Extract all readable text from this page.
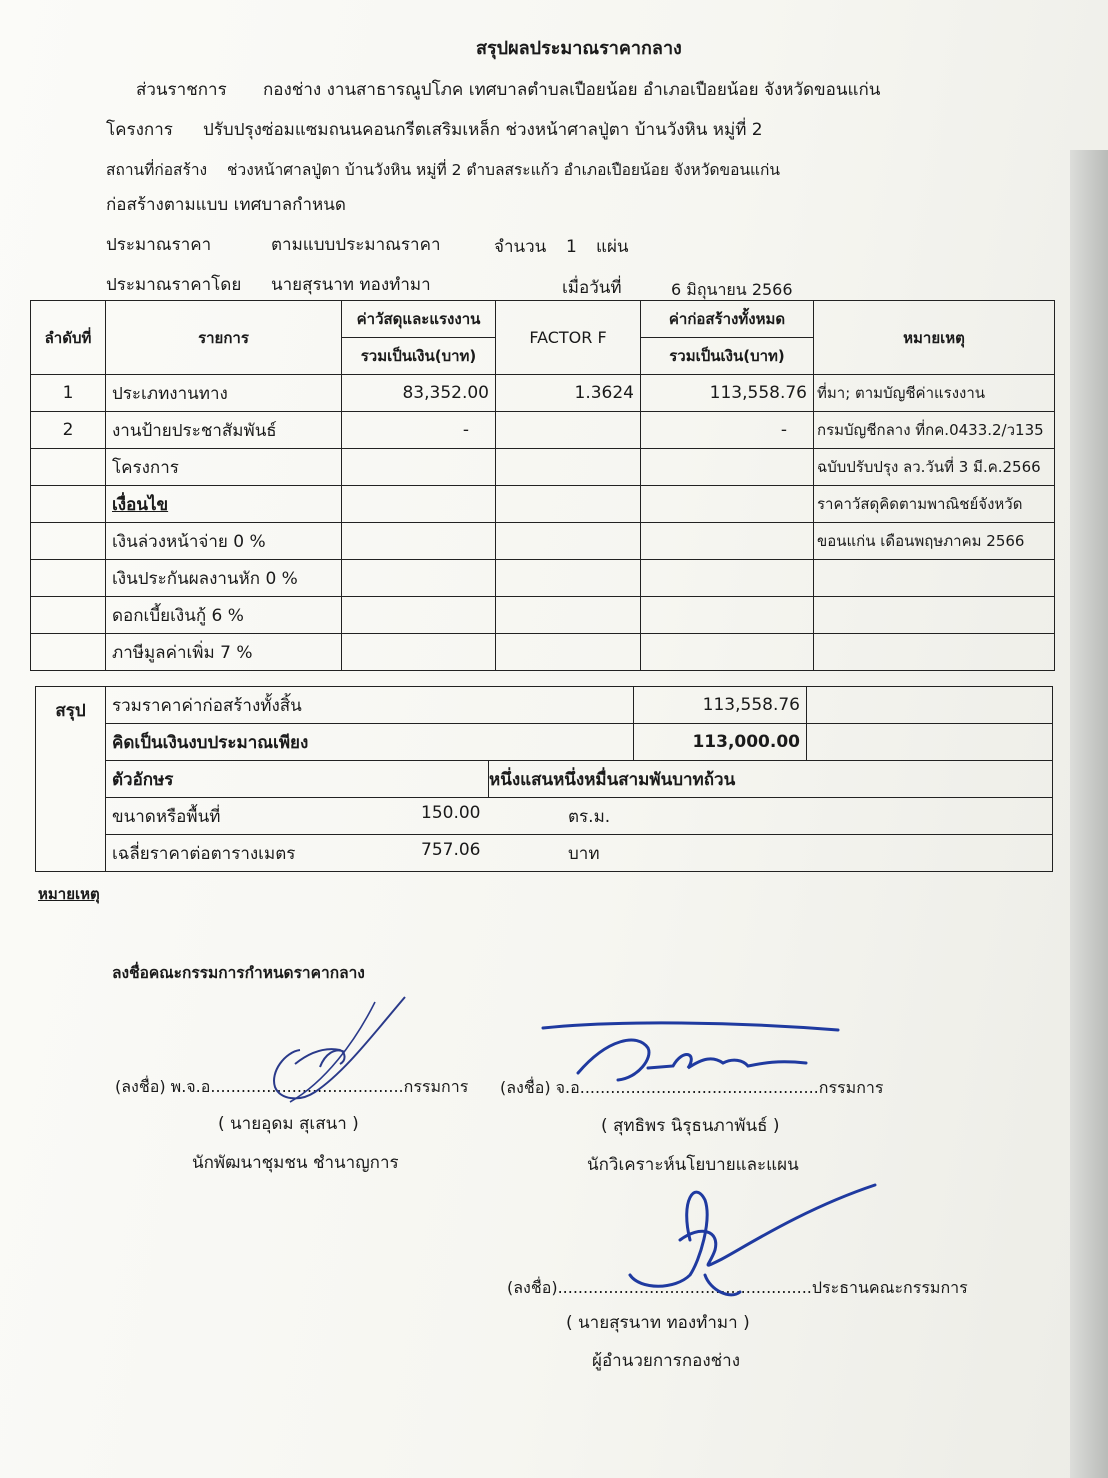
สรุปผลประมาณราคากลาง
ส่วนราชการ กองช่าง งานสาธารณูปโภค เทศบาลตำบลเปือยน้อย อำเภอเปือยน้อย จังหวัดขอนแก่น
โครงการ ปรับปรุงซ่อมแซมถนนคอนกรีตเสริมเหล็ก ช่วงหน้าศาลปู่ตา บ้านวังหิน หมู่ที่ 2
สถานที่ก่อสร้าง ช่วงหน้าศาลปู่ตา บ้านวังหิน หมู่ที่ 2 ตำบลสระแก้ว อำเภอเปือยน้อย จังหวัดขอนแก่น
ก่อสร้างตามแบบ เทศบาลกำหนด
ประมาณราคา	ตามแบบประมาณราคา	จำนวน 1 แผ่น
ประมาณราคาโดย นายสุรนาท ทองทำมา	เมื่อวันที่	6 มิถุนายน 2566
ลำดับที่	รายการ	ค่าวัสดุและแรงงาน	FACTOR F	ค่าก่อสร้างทั้งหมด	หมายเหตุ
		รวมเป็นเงิน(บาท)		รวมเป็นเงิน(บาท)	
1	ประเภทงานทาง	83,352.00	1.3624	113,558.76	ที่มา; ตามบัญชีค่าแรงงาน
2	งานป้ายประชาสัมพันธ์	-		-	กรมบัญชีกลาง ที่กค.0433.2/ว135
	โครงการ				ฉบับปรับปรุง ลว.วันที่ 3 มี.ค.2566
	เงื่อนไข				ราคาวัสดุคิดตามพาณิชย์จังหวัด
	เงินล่วงหน้าจ่าย 0 %				ขอนแก่น เดือนพฤษภาคม 2566
	เงินประกันผลงานหัก 0 %				
	ดอกเบี้ยเงินกู้ 6 %				
	ภาษีมูลค่าเพิ่ม 7 %				
สรุป	รวมราคาค่าก่อสร้างทั้งสิ้น		113,558.76	
	คิดเป็นเงินงบประมาณเพียง		113,000.00	
	ตัวอักษร	หนึ่งแสนหนึ่งหมื่นสามพันบาทถ้วน		
	ขนาดหรือพื้นที่ 150.00 ตร.ม.			

	เฉลี่ยราคาต่อตารางเมตร 757.06 บาท			
หมายเหตุ
ลงชื่อคณะกรรมการกำหนดราคากลาง
(ลงชื่อ) พ.จ.อ......................................กรรมการ
( นายอุดม สุเสนา )
นักพัฒนาชุมชน ชำนาญการ
(ลงชื่อ) จ.อ...............................................กรรมการ
( สุทธิพร นิรุธนภาพันธ์ )
นักวิเคราะห์นโยบายและแผน
(ลงชื่อ)..................................................ประธานคณะกรรมการ
( นายสุรนาท ทองทำมา )
ผู้อำนวยการกองช่าง
